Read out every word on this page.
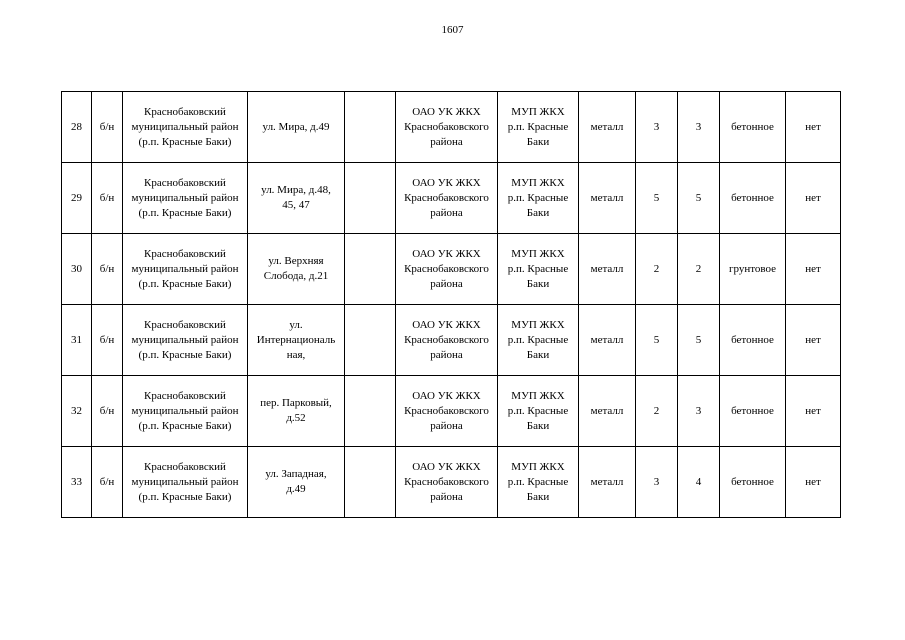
1607
28	б/н	Краснобаковский
муниципальный район
(р.п. Красные Баки)	ул. Мира, д.49		ОАО УК ЖКХ
Краснобаковского
района	МУП ЖКХ
р.п. Красные
Баки	металл	3	3	бетонное	нет
29	б/н	Краснобаковский
муниципальный район
(р.п. Красные Баки)	ул. Мира, д.48,
45, 47		ОАО УК ЖКХ
Краснобаковского
района	МУП ЖКХ
р.п. Красные
Баки	металл	5	5	бетонное	нет
30	б/н	Краснобаковский
муниципальный район
(р.п. Красные Баки)	ул. Верхняя
Слобода, д.21		ОАО УК ЖКХ
Краснобаковского
района	МУП ЖКХ
р.п. Красные
Баки	металл	2	2	грунтовое	нет
31	б/н	Краснобаковский
муниципальный район
(р.п. Красные Баки)	ул.
Интернациональ
ная,		ОАО УК ЖКХ
Краснобаковского
района	МУП ЖКХ
р.п. Красные
Баки	металл	5	5	бетонное	нет
32	б/н	Краснобаковский
муниципальный район
(р.п. Красные Баки)	пер. Парковый,
д.52		ОАО УК ЖКХ
Краснобаковского
района	МУП ЖКХ
р.п. Красные
Баки	металл	2	3	бетонное	нет
33	б/н	Краснобаковский
муниципальный район
(р.п. Красные Баки)	ул. Западная,
д.49		ОАО УК ЖКХ
Краснобаковского
района	МУП ЖКХ
р.п. Красные
Баки	металл	3	4	бетонное	нет
